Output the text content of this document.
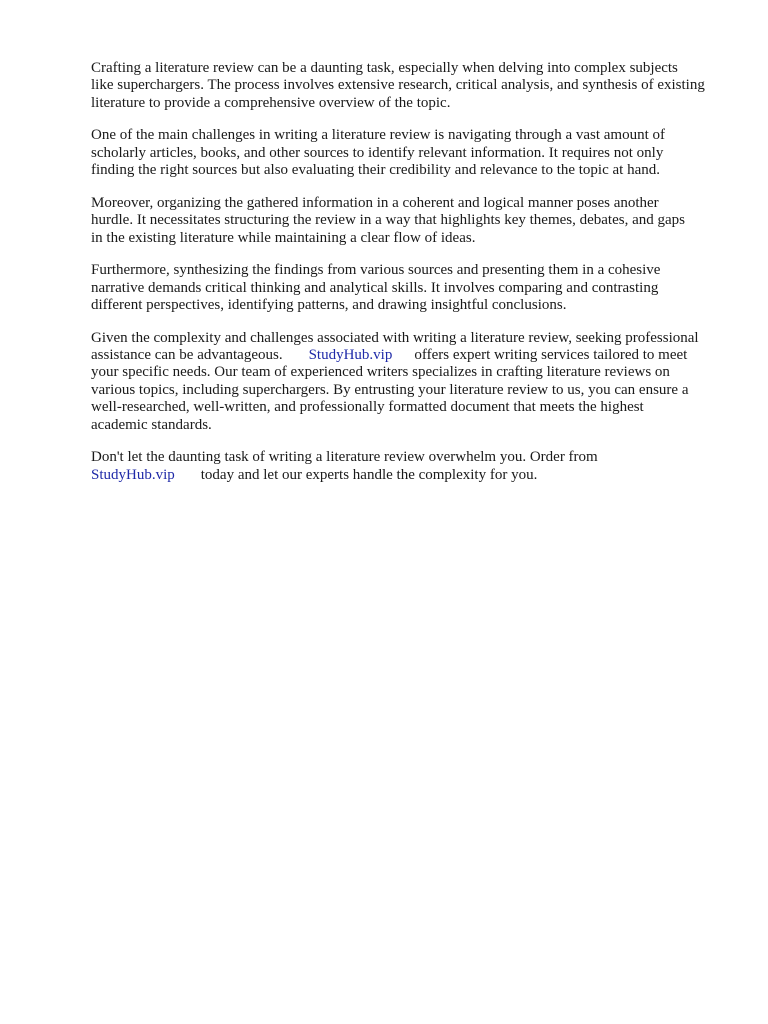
Crafting a literature review can be a daunting task, especially when delving into complex subjects
like superchargers. The process involves extensive research, critical analysis, and synthesis of existing
literature to provide a comprehensive overview of the topic.

One of the main challenges in writing a literature review is navigating through a vast amount of
scholarly articles, books, and other sources to identify relevant information. It requires not only
finding the right sources but also evaluating their credibility and relevance to the topic at hand.

Moreover, organizing the gathered information in a coherent and logical manner poses another
hurdle. It necessitates structuring the review in a way that highlights key themes, debates, and gaps
in the existing literature while maintaining a clear flow of ideas.

Furthermore, synthesizing the findings from various sources and presenting them in a cohesive
narrative demands critical thinking and analytical skills. It involves comparing and contrasting
different perspectives, identifying patterns, and drawing insightful conclusions.

Given the complexity and challenges associated with writing a literature review, seeking professional
assistance can be advantageous. StudyHub.vip offers expert writing services tailored to meet
your specific needs. Our team of experienced writers specializes in crafting literature reviews on
various topics, including superchargers. By entrusting your literature review to us, you can ensure a
well-researched, well-written, and professionally formatted document that meets the highest
academic standards.

Don't let the daunting task of writing a literature review overwhelm you. Order from
StudyHub.vip today and let our experts handle the complexity for you.
